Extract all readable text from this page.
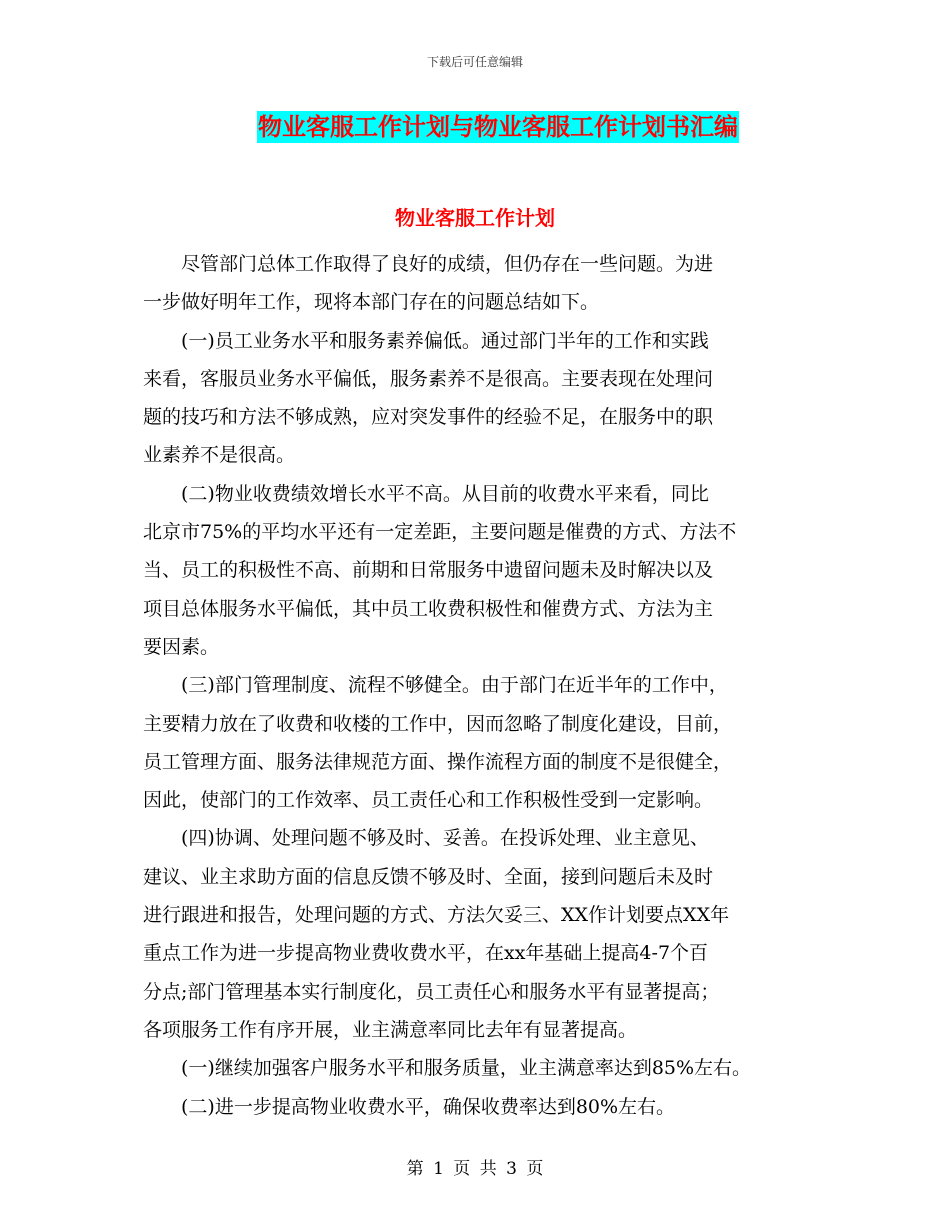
下载后可任意编辑
物业客服工作计划与物业客服工作计划书汇编
物业客服工作计划

尽管部门总体工作取得了良好的成绩，但仍存在一些问题。为进
一步做好明年工作，现将本部门存在的问题总结如下。

(一)员工业务水平和服务素养偏低。通过部门半年的工作和实践
来看，客服员业务水平偏低，服务素养不是很高。主要表现在处理问
题的技巧和方法不够成熟，应对突发事件的经验不足，在服务中的职
业素养不是很高。

(二)物业收费绩效增长水平不高。从目前的收费水平来看，同比
北京市75%的平均水平还有一定差距，主要问题是催费的方式、方法不
当、员工的积极性不高、前期和日常服务中遗留问题未及时解决以及
项目总体服务水平偏低，其中员工收费积极性和催费方式、方法为主
要因素。

(三)部门管理制度、流程不够健全。由于部门在近半年的工作中，
主要精力放在了收费和收楼的工作中，因而忽略了制度化建设，目前，
员工管理方面、服务法律规范方面、操作流程方面的制度不是很健全，
因此，使部门的工作效率、员工责任心和工作积极性受到一定影响。

(四)协调、处理问题不够及时、妥善。在投诉处理、业主意见、
建议、业主求助方面的信息反馈不够及时、全面，接到问题后未及时
进行跟进和报告，处理问题的方式、方法欠妥三、XX作计划要点XX年
重点工作为进一步提高物业费收费水平，在xx年基础上提高4-7个百
分点;部门管理基本实行制度化，员工责任心和服务水平有显著提高；
各项服务工作有序开展，业主满意率同比去年有显著提高。

(一)继续加强客户服务水平和服务质量，业主满意率达到85%左右。

(二)进一步提高物业收费水平，确保收费率达到80%左右。

第 1 页 共 3 页
